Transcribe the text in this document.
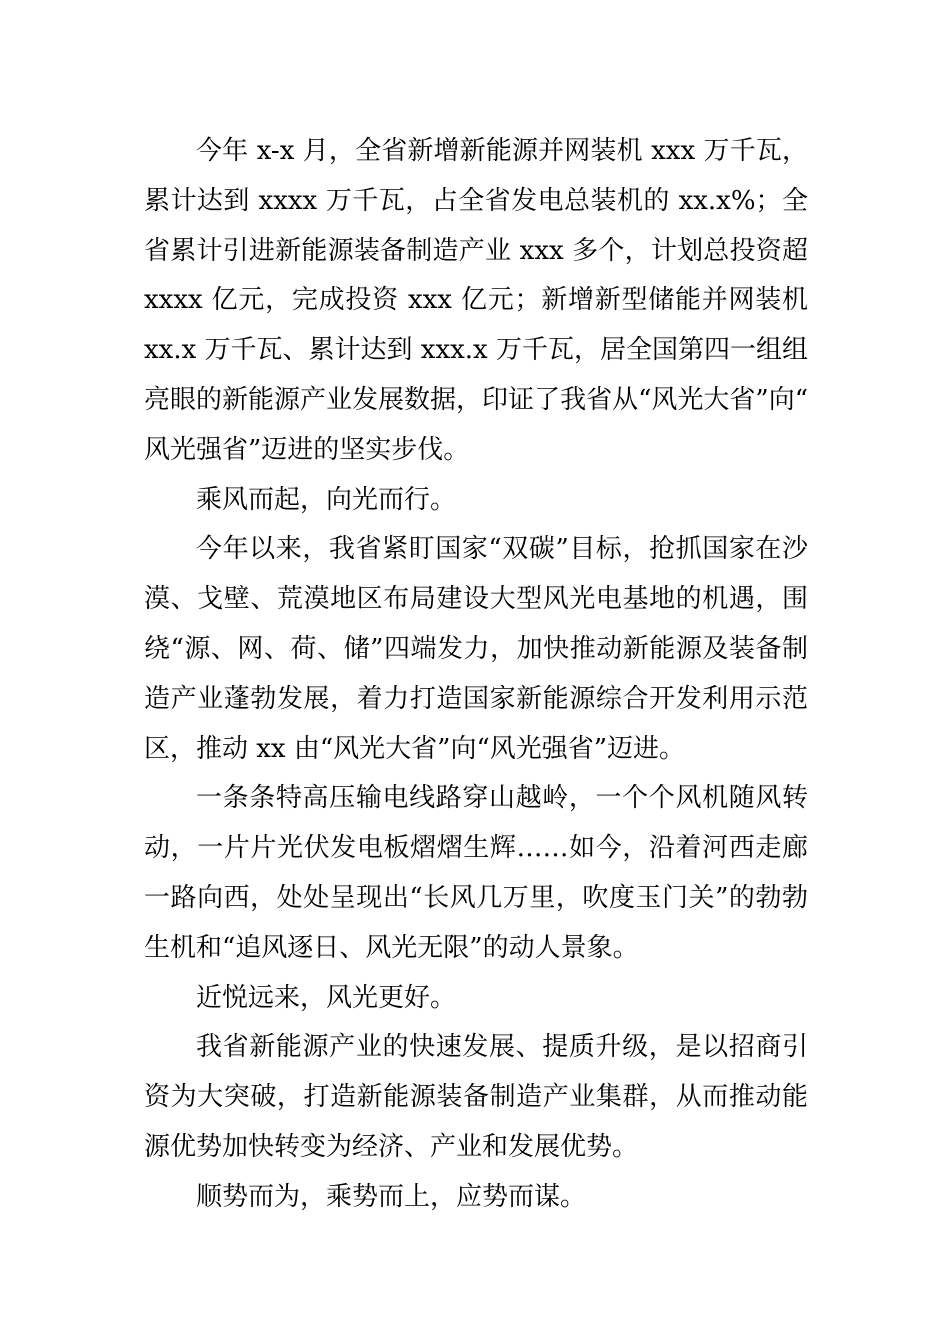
今年 x-x 月，全省新增新能源并网装机 xxx 万千瓦，累计达到 xxxx 万千瓦，占全省发电总装机的 xx.x%；全省累计引进新能源装备制造产业 xxx 多个，计划总投资超 xxxx 亿元，完成投资 xxx 亿元；新增新型储能并网装机 xx.x 万千瓦、累计达到 xxx.x 万千瓦，居全国第四一组组亮眼的新能源产业发展数据，印证了我省从“风光大省”向“风光强省”迈进的坚实步伐。

乘风而起，向光而行。

今年以来，我省紧盯国家“双碳”目标，抢抓国家在沙漠、戈壁、荒漠地区布局建设大型风光电基地的机遇，围绕“源、网、荷、储”四端发力，加快推动新能源及装备制造产业蓬勃发展，着力打造国家新能源综合开发利用示范区，推动 xx 由“风光大省”向“风光强省”迈进。

一条条特高压输电线路穿山越岭，一个个风机随风转动，一片片光伏发电板熠熠生辉……如今，沿着河西走廊一路向西，处处呈现出“长风几万里，吹度玉门关”的勃勃生机和“追风逐日、风光无限”的动人景象。

近悦远来，风光更好。

我省新能源产业的快速发展、提质升级，是以招商引资为大突破，打造新能源装备制造产业集群，从而推动能源优势加快转变为经济、产业和发展优势。

顺势而为，乘势而上，应势而谋。
